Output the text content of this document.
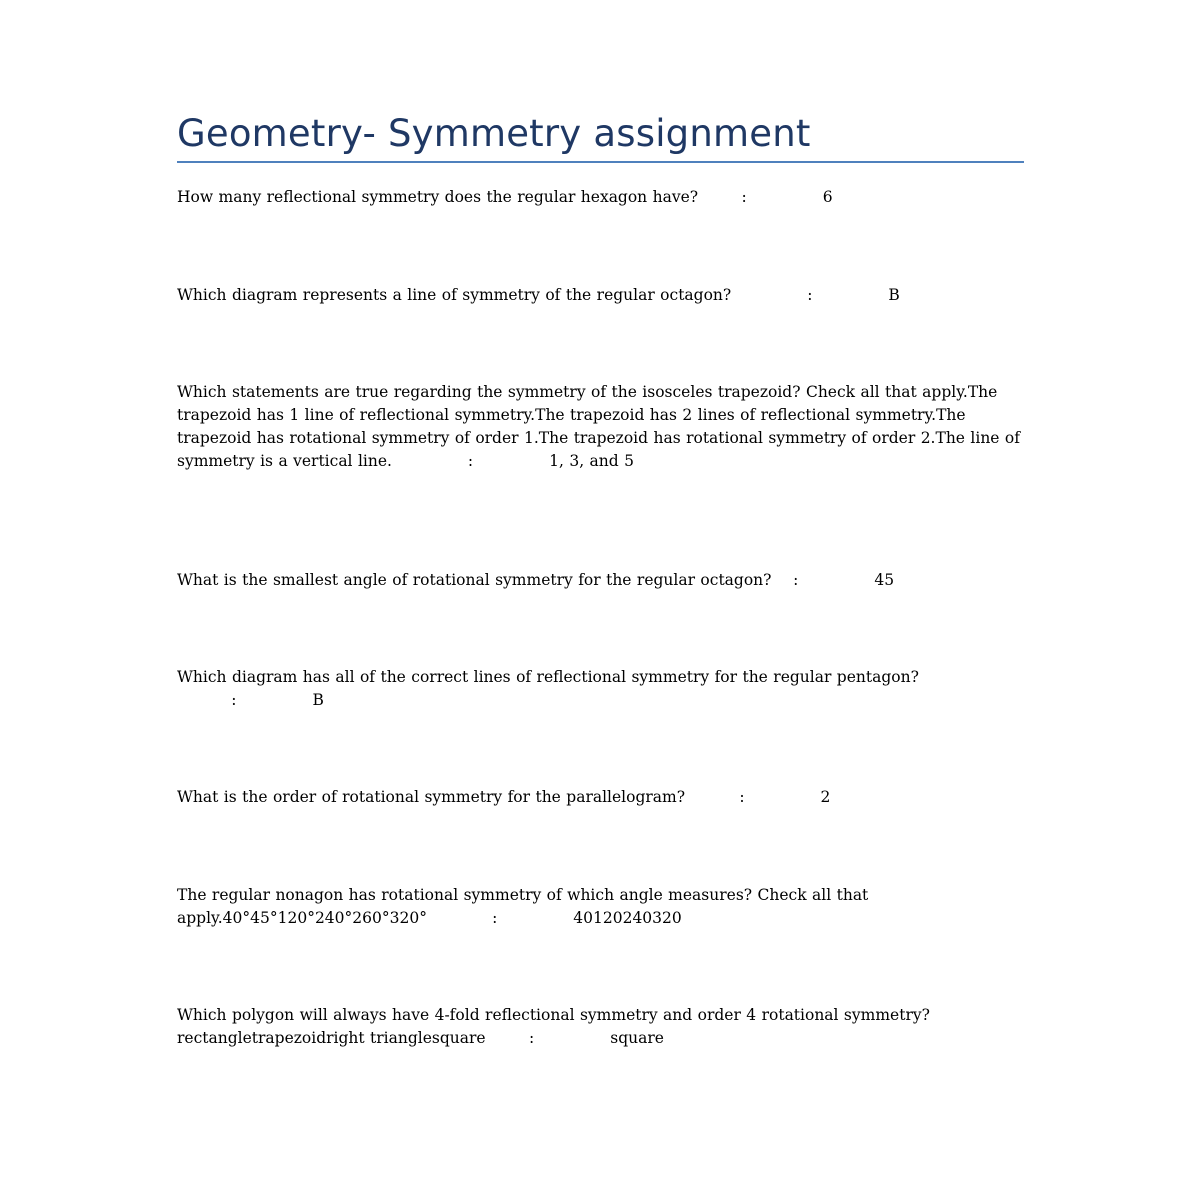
Geometry- Symmetry assignment

How many reflectional symmetry does the regular hexagon have?        :              6

Which diagram represents a line of symmetry of the regular octagon?              :              B

Which statements are true regarding the symmetry of the isosceles trapezoid? Check all that apply.The trapezoid has 1 line of reflectional symmetry.The trapezoid has 2 lines of reflectional symmetry.The trapezoid has rotational symmetry of order 1.The trapezoid has rotational symmetry of order 2.The line of symmetry is a vertical line.              :              1, 3, and 5

What is the smallest angle of rotational symmetry for the regular octagon?    :              45

Which diagram has all of the correct lines of reflectional symmetry for the regular pentagon?          :              B

What is the order of rotational symmetry for the parallelogram?          :              2

The regular nonagon has rotational symmetry of which angle measures? Check all that apply.40°45°120°240°260°320°            :              40120240320

Which polygon will always have 4-fold reflectional symmetry and order 4 rotational symmetry?rectangletrapezoidright trianglesquare        :              square
